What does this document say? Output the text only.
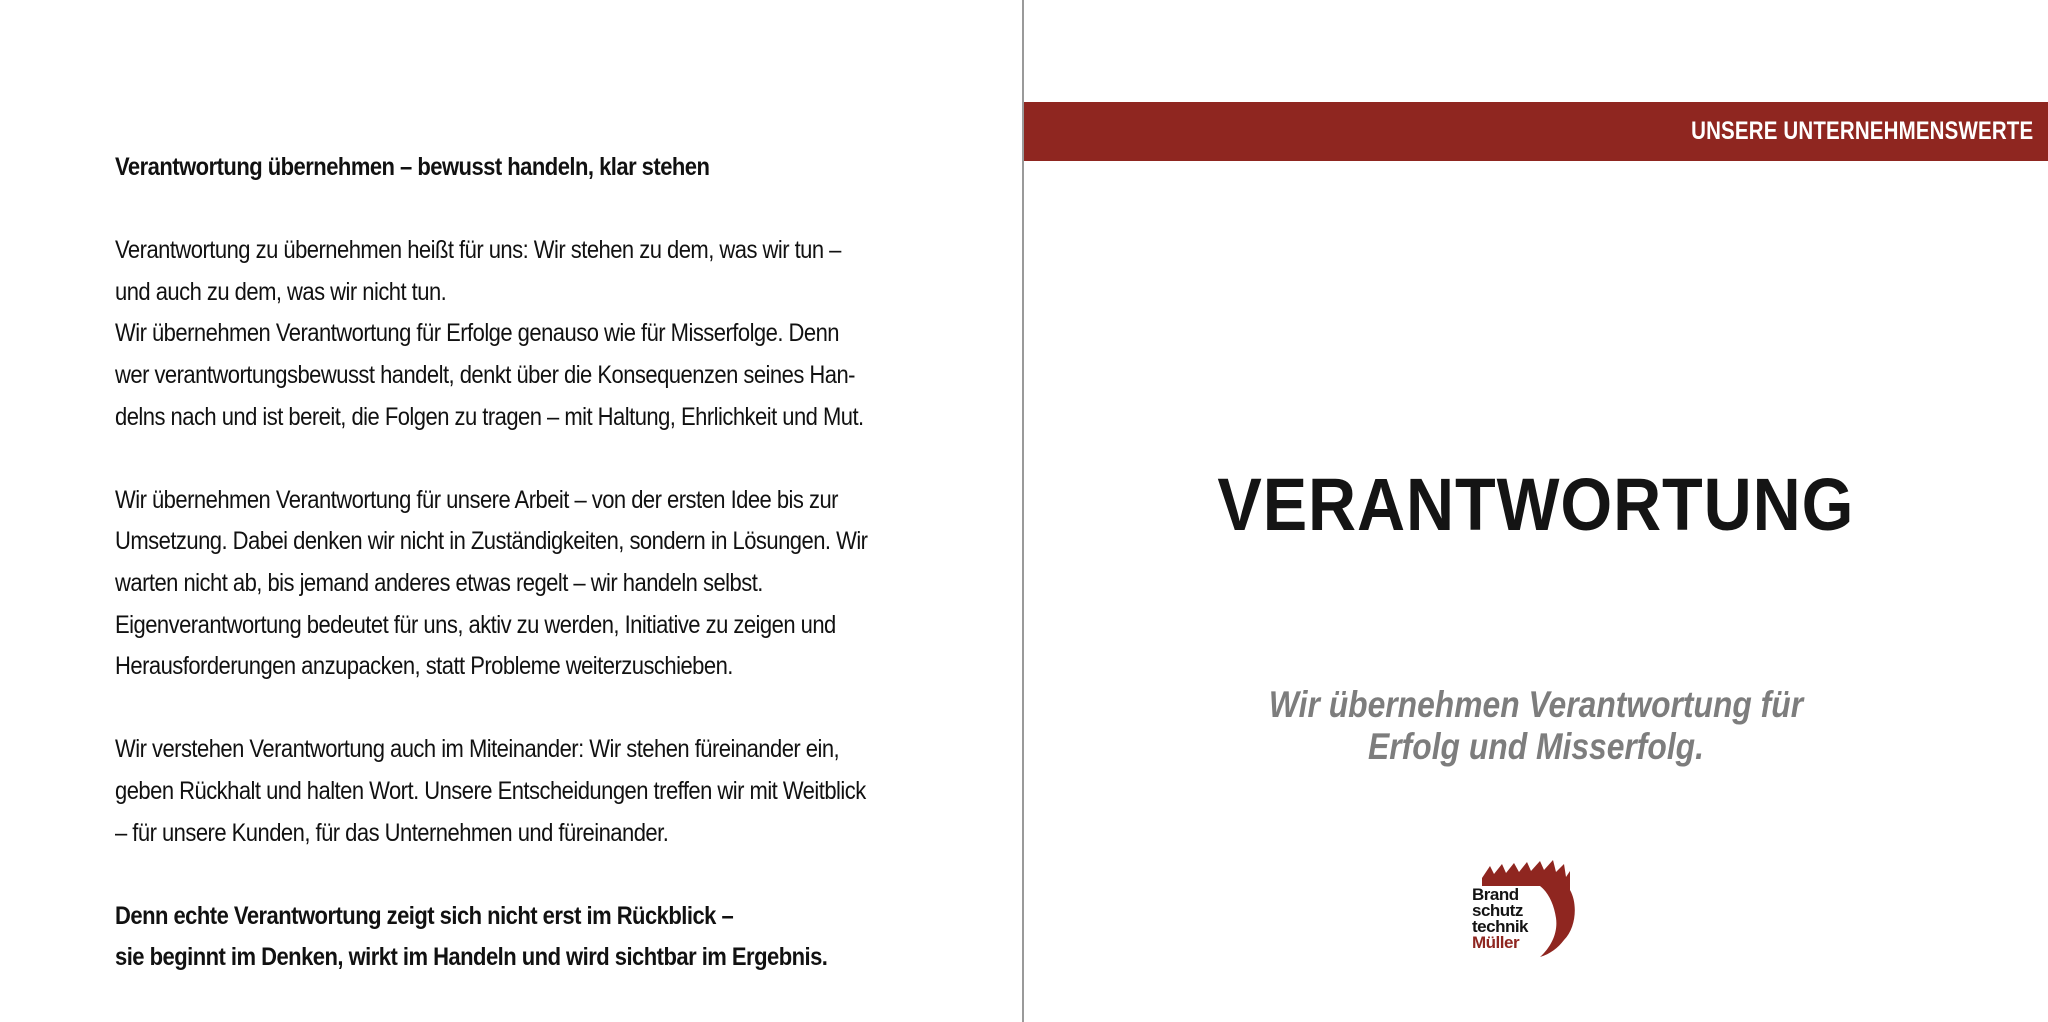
Verantwortung übernehmen – bewusst handeln, klar stehen
Verantwortung zu übernehmen heißt für uns: Wir stehen zu dem, was wir tun –
und auch zu dem, was wir nicht tun.
Wir übernehmen Verantwortung für Erfolge genauso wie für Misserfolge. Denn
wer verantwortungsbewusst handelt, denkt über die Konsequenzen seines Han-
delns nach und ist bereit, die Folgen zu tragen – mit Haltung, Ehrlichkeit und Mut.
Wir übernehmen Verantwortung für unsere Arbeit – von der ersten Idee bis zur
Umsetzung. Dabei denken wir nicht in Zuständigkeiten, sondern in Lösungen. Wir
warten nicht ab, bis jemand anderes etwas regelt – wir handeln selbst.
Eigenverantwortung bedeutet für uns, aktiv zu werden, Initiative zu zeigen und
Herausforderungen anzupacken, statt Probleme weiterzuschieben.
Wir verstehen Verantwortung auch im Miteinander: Wir stehen füreinander ein,
geben Rückhalt und halten Wort. Unsere Entscheidungen treffen wir mit Weitblick
– für unsere Kunden, für das Unternehmen und füreinander.
Denn echte Verantwortung zeigt sich nicht erst im Rückblick –
sie beginnt im Denken, wirkt im Handeln und wird sichtbar im Ergebnis.
UNSERE UNTERNEHMENSWERTE
VERANTWORTUNG
Wir übernehmen Verantwortung für
Erfolg und Misserfolg.
Brand
schutz
technik
Müller
